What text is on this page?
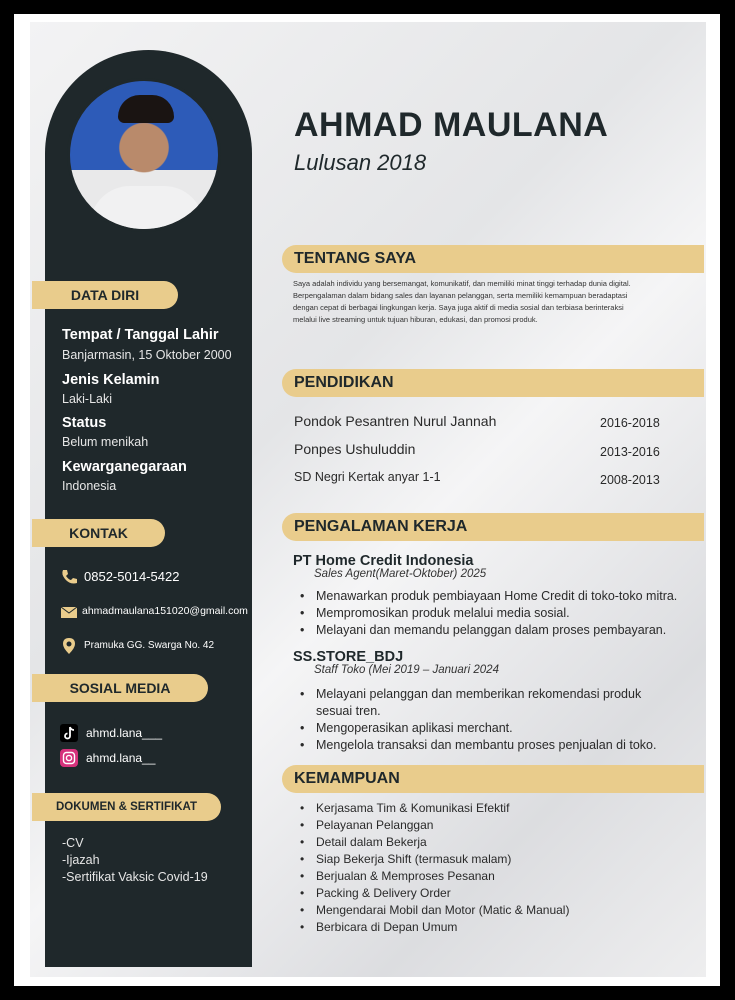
DATA DIRI
Tempat / Tanggal Lahir
Banjarmasin, 15 Oktober 2000
Jenis Kelamin
Laki-Laki
Status
Belum menikah
Kewarganegaraan
Indonesia
KONTAK
0852-5014-5422
ahmadmaulana151020@gmail.com
Pramuka GG. Swarga No. 42
SOSIAL MEDIA
ahmd.lana___
ahmd.lana__
DOKUMEN & SERTIFIKAT
-CV
-Ijazah
-Sertifikat Vaksic Covid-19
AHMAD MAULANA
Lulusan 2018
TENTANG SAYA
Saya adalah individu yang bersemangat, komunikatif, dan memiliki minat tinggi terhadap dunia digital.
Berpengalaman dalam bidang sales dan layanan pelanggan, serta memiliki kemampuan beradaptasi
dengan cepat di berbagai lingkungan kerja. Saya juga aktif di media sosial dan terbiasa berinteraksi
melalui live streaming untuk tujuan hiburan, edukasi, dan promosi produk.
PENDIDIKAN
Pondok Pesantren Nurul Jannah	2016-2018
Ponpes Ushuluddin	2013-2016
SD Negri Kertak anyar 1-1	2008-2013
PENGALAMAN KERJA
PT Home Credit Indonesia
Sales Agent(Maret-Oktober) 2025
• Menawarkan produk pembiayaan Home Credit di toko-toko mitra.
• Mempromosikan produk melalui media sosial.
• Melayani dan memandu pelanggan dalam proses pembayaran.
SS.STORE_BDJ
Staff Toko (Mei 2019 – Januari 2024
• Melayani pelanggan dan memberikan rekomendasi produk sesuai tren.
• Mengoperasikan aplikasi merchant.
• Mengelola transaksi dan membantu proses penjualan di toko.
KEMAMPUAN
• Kerjasama Tim & Komunikasi Efektif
• Pelayanan Pelanggan
• Detail dalam Bekerja
• Siap Bekerja Shift (termasuk malam)
• Berjualan & Memproses Pesanan
• Packing & Delivery Order
• Mengendarai Mobil dan Motor (Matic & Manual)
• Berbicara di Depan Umum
